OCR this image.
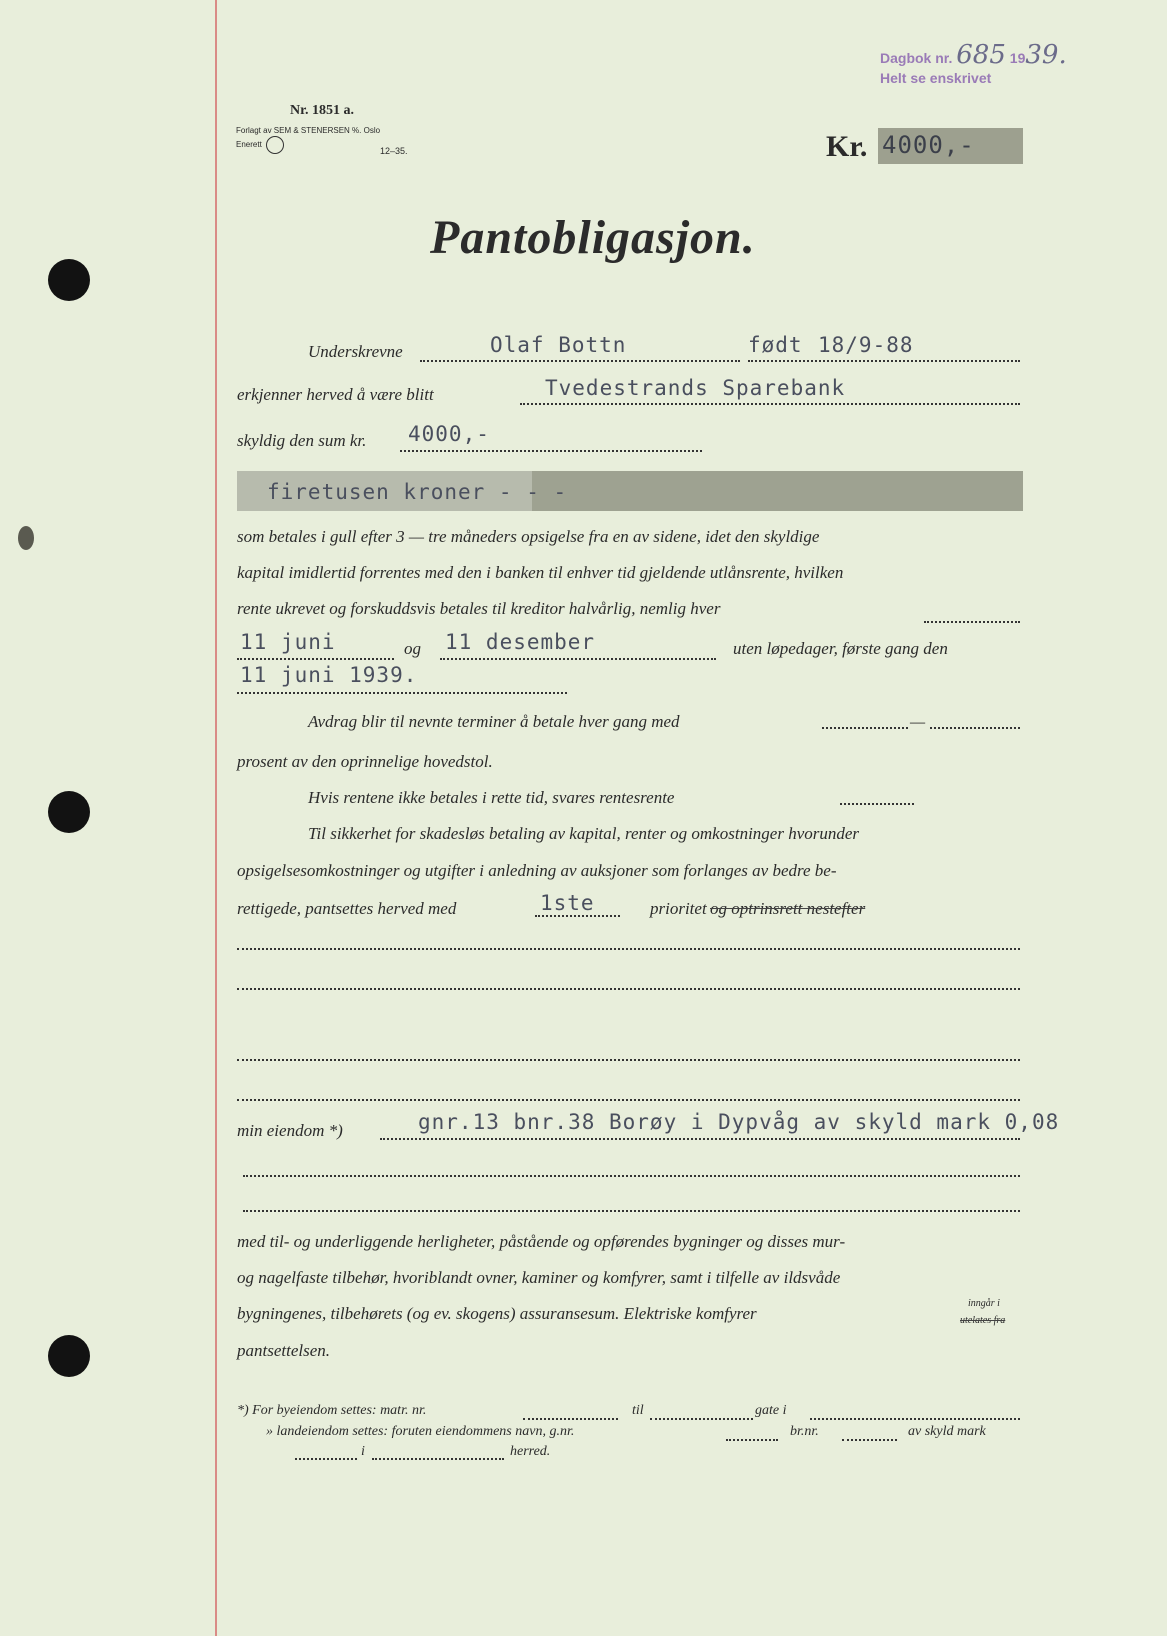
Dagbok nr. 685 1939.
Helt se enskrivet
Nr. 1851 a.
Forlagt av SEM & STENERSEN %. Oslo
Enerett
12–35.	Kr. 4000,-
Pantobligasjon.
Underskrevne	Olaf Bottn	født 18/9-88
erkjenner herved å være blitt	Tvedestrands Sparebank
skyldig den sum kr. 4000,-
firetusen kroner - - -
som betales i gull efter 3 — tre måneders opsigelse fra en av sidene, idet den skyldige
kapital imidlertid forrentes med den i banken til enhver tid gjeldende utlånsrente, hvilken
rente ukrevet og forskuddsvis betales til kreditor halvårlig, nemlig hver
11 juni	og 11 desember	uten løpedager, første gang den
11 juni 1939.
Avdrag blir til nevnte terminer å betale hver gang med	—
prosent av den oprinnelige hovedstol.
Hvis rentene ikke betales i rette tid, svares rentesrente
Til sikkerhet for skadesløs betaling av kapital, renter og omkostninger hvorunder
opsigelsesomkostninger og utgifter i anledning av auksjoner som forlanges av bedre be-
rettigede, pantsettes herved med	1ste	prioritet og optrinsrett nestefter
min eiendom *)	gnr.13 bnr.38 Borøy i Dypvåg av skyld mark 0,08
med til- og underliggende herligheter, påstående og opførendes bygninger og disses mur-
og nagelfaste tilbehør, hvoriblandt ovner, kaminer og komfyrer, samt i tilfelle av ildsvåde
bygningenes, tilbehørets (og ev. skogens) assuransesum. Elektriske komfyrer
inngår i
utelates fra
pantsettelsen.
*) For byeiendom settes: matr. nr.	til	gate i
» landeiendom settes: foruten eiendommens navn, g.nr.	br.nr.	av skyld mark
i	herred.
